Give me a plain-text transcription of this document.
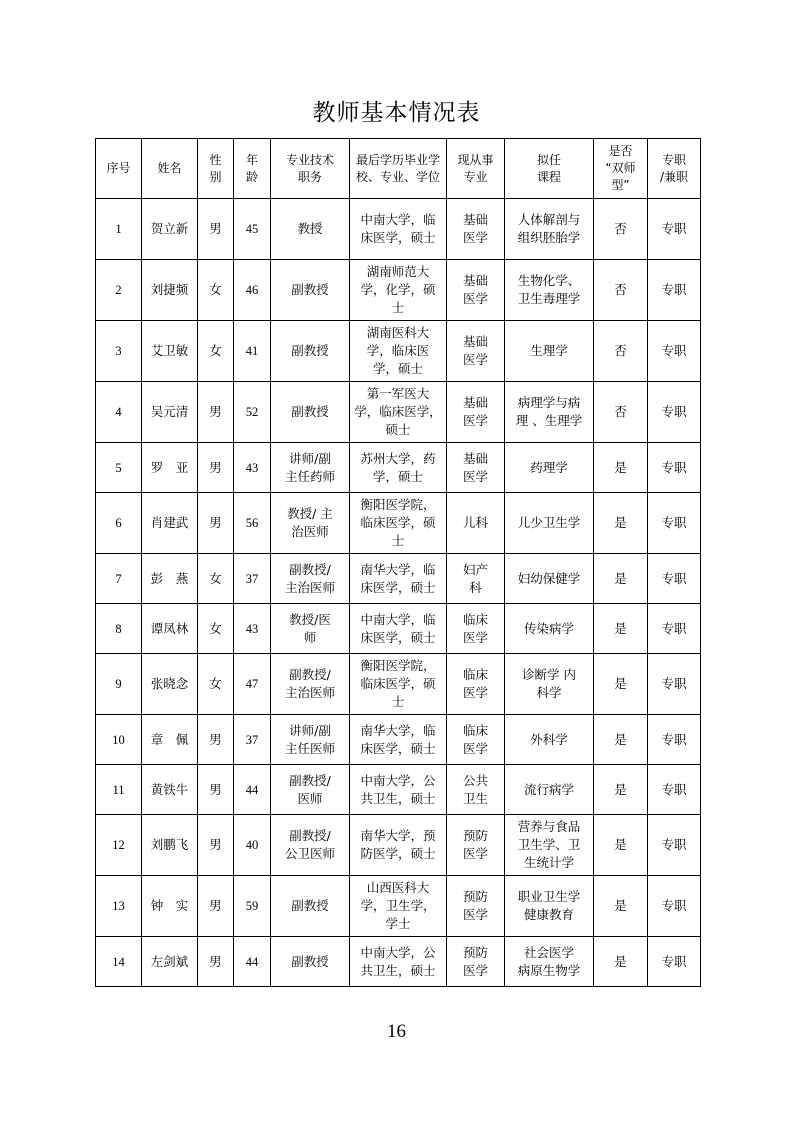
教师基本情况表
序号	姓名	性
别	年
龄	专业技术
职务	最后学历毕业学
校、专业、学位	现从事
专业	拟任
课程	是否
“双师
型”	专职
/兼职
1	贺立新	男	45	教授	中南大学，临
床医学，硕士	基础
医学	人体解剖与
组织胚胎学	否	专职
2	刘捷频	女	46	副教授	湖南师范大
学，化学，硕
士	基础
医学	生物化学、
卫生毒理学	否	专职
3	艾卫敏	女	41	副教授	湖南医科大
学，临床医
学，硕士	基础
医学	生理学	否	专职
4	吴元清	男	52	副教授	第一军医大
学，临床医学，
硕士	基础
医学	病理学与病
理 、生理学	否	专职
5	罗　亚	男	43	讲师/副
主任药师	苏州大学，药
学，硕士	基础
医学	药理学	是	专职
6	肖建武	男	56	教授/ 主
治医师	衡阳医学院，
临床医学，硕
士	儿科	儿少卫生学	是	专职
7	彭　燕	女	37	副教授/
主治医师	南华大学，临
床医学，硕士	妇产
科	妇幼保健学	是	专职
8	谭凤林	女	43	教授/医
师	中南大学，临
床医学，硕士	临床
医学	传染病学	是	专职
9	张晓念	女	47	副教授/
主治医师	衡阳医学院，
临床医学，硕
士	临床
医学	诊断学 内
科学	是	专职
10	章　佩	男	37	讲师/副
主任医师	南华大学，临
床医学，硕士	临床
医学	外科学	是	专职
11	黄铁牛	男	44	副教授/
医师	中南大学，公
共卫生，硕士	公共
卫生	流行病学	是	专职
12	刘鹏飞	男	40	副教授/
公卫医师	南华大学，预
防医学，硕士	预防
医学	营养与食品
卫生学、卫
生统计学	是	专职
13	钟　实	男	59	副教授	山西医科大
学，卫生学，
学士	预防
医学	职业卫生学
健康教育	是	专职
14	左剑斌	男	44	副教授	中南大学，公
共卫生，硕士	预防
医学	社会医学
病原生物学	是	专职
16
